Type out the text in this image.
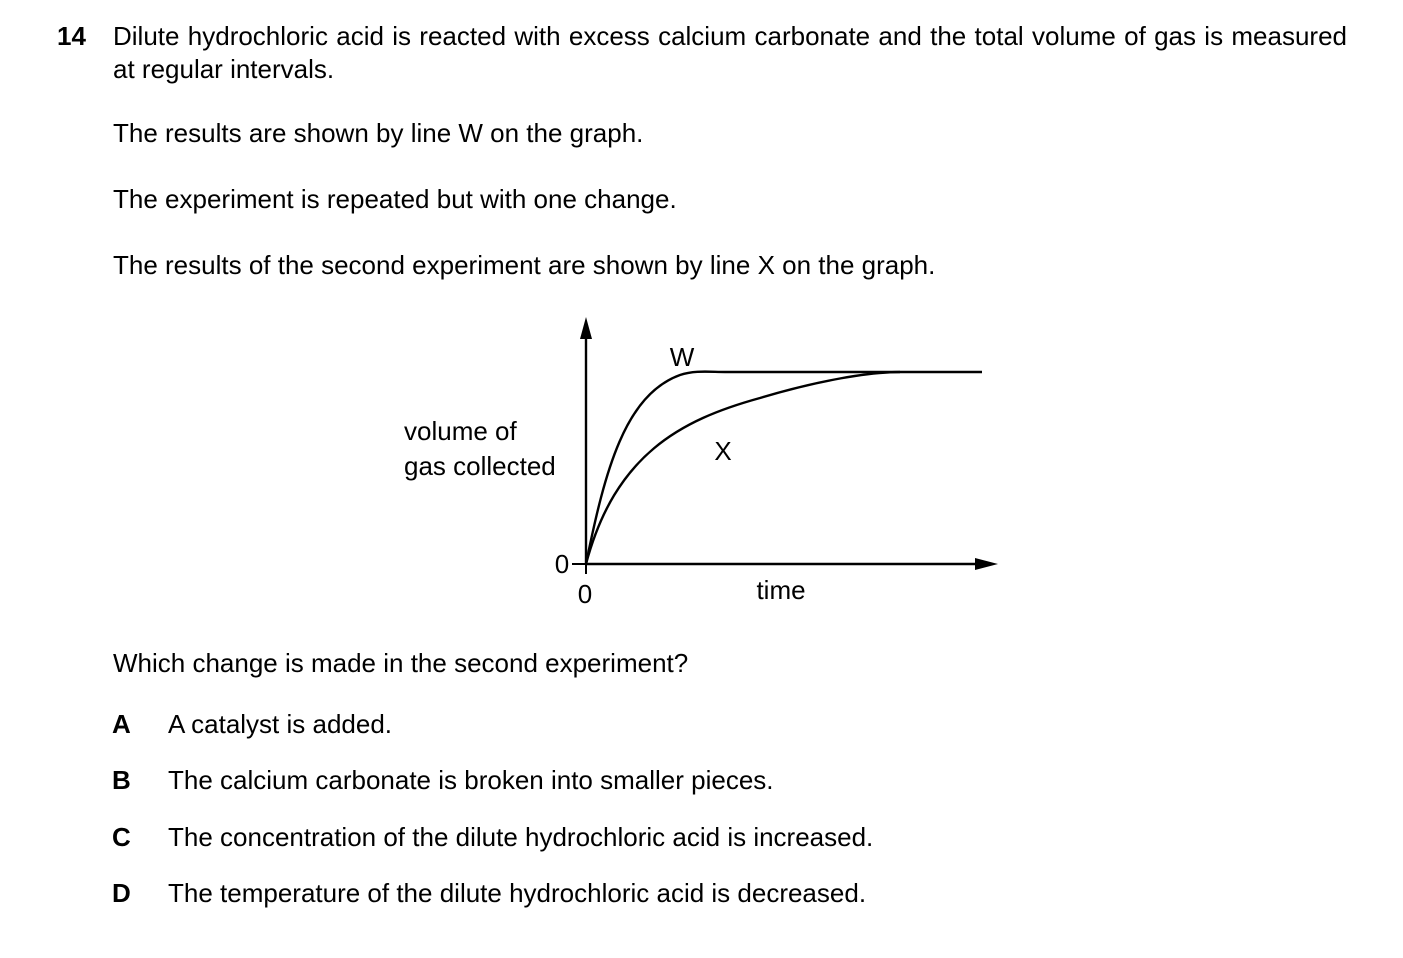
14 Dilute hydrochloric acid is reacted with excess calcium carbonate and the total volume of gas is measured at regular intervals.
The results are shown by line W on the graph.
The experiment is repeated but with one change.
The results of the second experiment are shown by line X on the graph.
W
X
volume of
gas collected
0
0	time
Which change is made in the second experiment?
A A catalyst is added.
B The calcium carbonate is broken into smaller pieces.
C The concentration of the dilute hydrochloric acid is increased.
D The temperature of the dilute hydrochloric acid is decreased.
